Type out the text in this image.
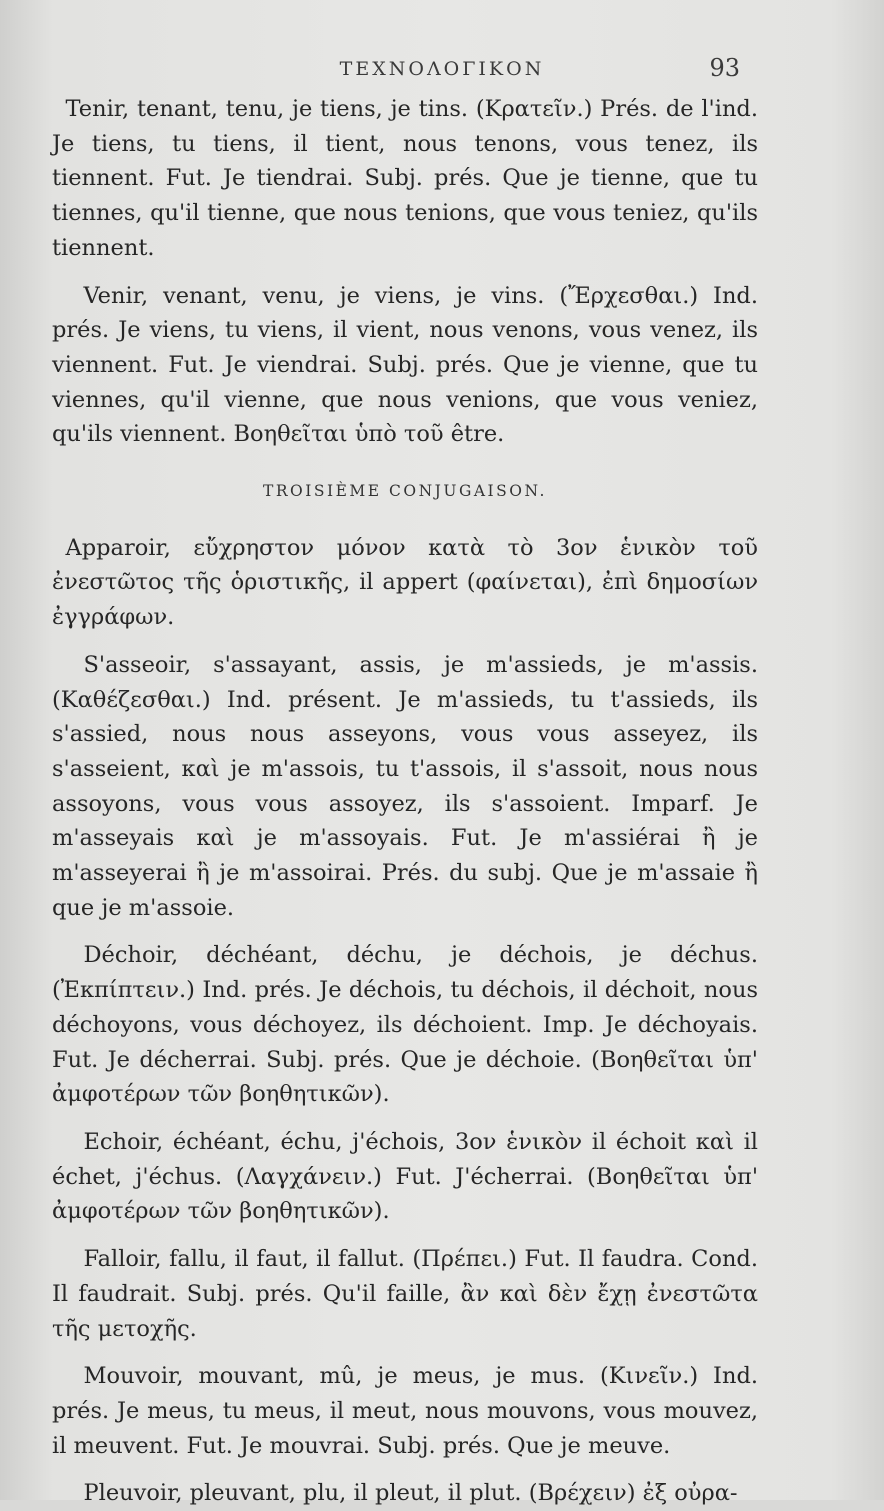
ΤΕΧΝΟΛΟΓΙΚΟΝ	93

Tenir, tenant, tenu, je tiens, je tins. (Κρατεῖν.) Prés. de l'ind. Je tiens, tu tiens, il tient, nous tenons, vous tenez, ils tiennent. Fut. Je tiendrai. Subj. prés. Que je tienne, que tu tiennes, qu'il tienne, que nous tenions, que vous teniez, qu'ils tiennent.

Venir, venant, venu, je viens, je vins. (Ἔρχεσθαι.) Ind. prés. Je viens, tu viens, il vient, nous venons, vous venez, ils viennent. Fut. Je viendrai. Subj. prés. Que je vienne, que tu viennes, qu'il vienne, que nous venions, que vous veniez, qu'ils viennent. Βοηθεῖται ὑπὸ τοῦ être.

TROISIÈME CONJUGAISON.

Apparoir, εὔχρηστον μόνον κατὰ τὸ 3ον ἑνικὸν τοῦ ἐνεστῶτος τῆς ὁριστικῆς, il appert (φαίνεται), ἐπὶ δημοσίων ἐγγράφων.

S'asseoir, s'assayant, assis, je m'assieds, je m'assis. (Καθέζεσθαι.) Ind. présent. Je m'assieds, tu t'assieds, ils s'assied, nous nous asseyons, vous vous asseyez, ils s'asseient, καὶ je m'assois, tu t'assois, il s'assoit, nous nous assoyons, vous vous assoyez, ils s'assoient. Imparf. Je m'asseyais καὶ je m'assoyais. Fut. Je m'assiérai ἢ je m'asseyerai ἢ je m'assoirai. Prés. du subj. Que je m'assaie ἢ que je m'assoie.

Déchoir, déchéant, déchu, je déchois, je déchus. (Ἐκπίπτειν.) Ind. prés. Je déchois, tu déchois, il déchoit, nous déchoyons, vous déchoyez, ils déchoient. Imp. Je déchoyais. Fut. Je décherrai. Subj. prés. Que je déchoie. (Βοηθεῖται ὑπ' ἀμφοτέρων τῶν βοηθητικῶν).

Echoir, échéant, échu, j'échois, 3ον ἑνικὸν il échoit καὶ il échet, j'échus. (Λαγχάνειν.) Fut. J'écherrai. (Βοηθεῖται ὑπ' ἀμφοτέρων τῶν βοηθητικῶν).

Falloir, fallu, il faut, il fallut. (Πρέπει.) Fut. Il faudra. Cond. Il faudrait. Subj. prés. Qu'il faille, ἂν καὶ δὲν ἔχῃ ἐνεστῶτα τῆς μετοχῆς.

Mouvoir, mouvant, mû, je meus, je mus. (Κινεῖν.) Ind. prés. Je meus, tu meus, il meut, nous mouvons, vous mouvez, il meuvent. Fut. Je mouvrai. Subj. prés. Que je meuve.

Pleuvoir, pleuvant, plu, il pleut, il plut. (Βρέχειν) ἐξ οὐρα-
